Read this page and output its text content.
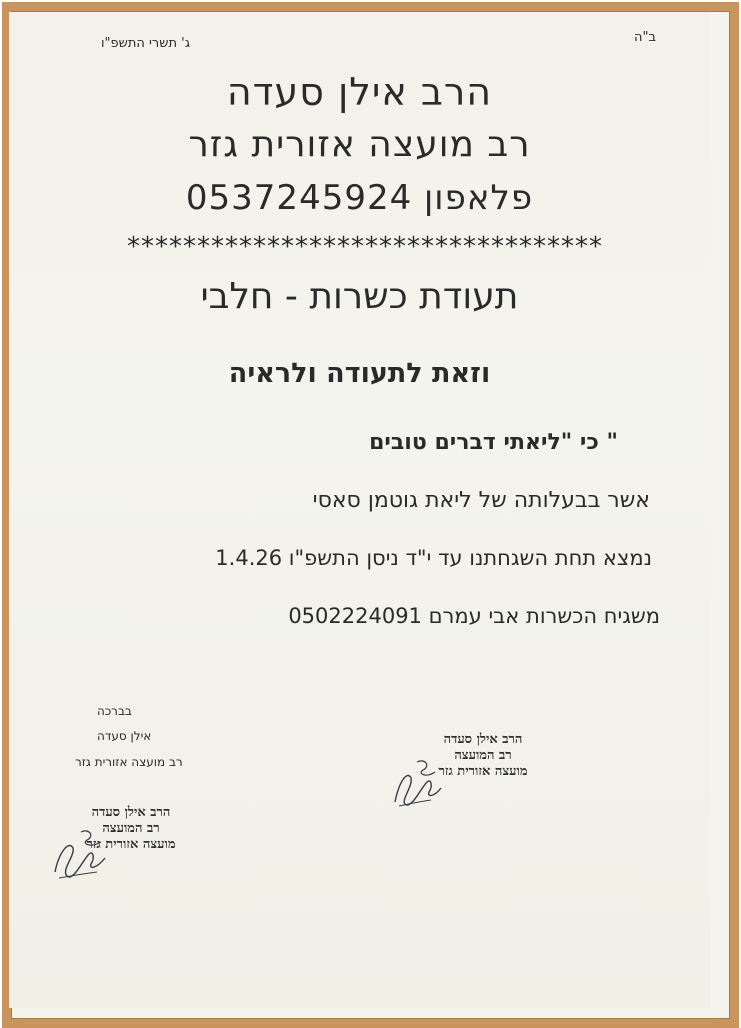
ב"ה
ג' תשרי התשפ"ו
הרב אילן סעדה
רב מועצה אזורית גזר
פלאפון 0537245924
**********************************
תעודת כשרות - חלבי
וזאת לתעודה ולראיה
" כי "ליאתי דברים טובים
אשר בבעלותה של ליאת גוטמן סאסי
נמצא תחת השגחתנו עד י"ד ניסן התשפ"ו 1.4.26
משגיח הכשרות אבי עמרם 0502224091
בברכה
אילן סעדה
רב מועצה אזורית גזר
הרב אילן סעדה
רב המועצה
מועצה אזורית גזר
הרב אילן סעדה
רב המועצה
מועצה אזורית גזר
